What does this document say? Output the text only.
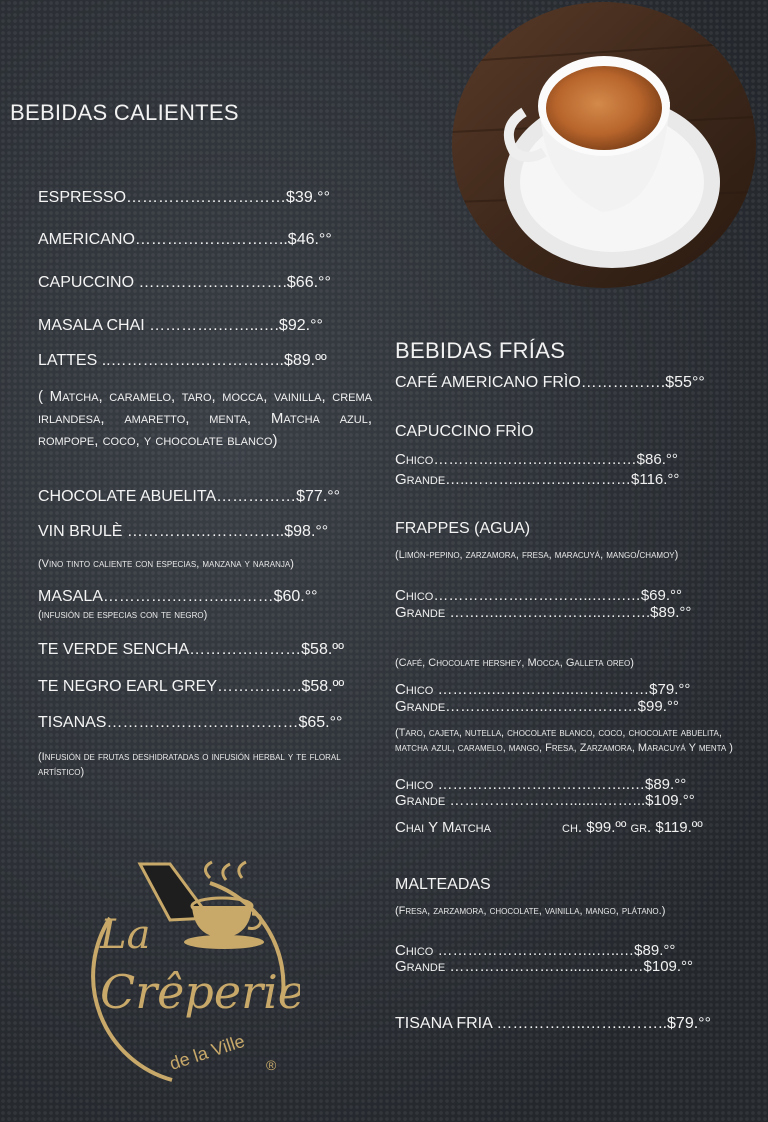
BEBIDAS CALIENTES
ESPRESSO…………………………$39.°°
AMERICANO………………………..$46.°°
CAPUCCINO ……………………….$66.°°
MASALA CHAI ………….……..….$92.°°
LATTES ..…………….……………..$89.ºº
( Matcha, caramelo, taro, mocca, vainilla, crema irlandesa, amaretto, menta, Matcha azul, rompope, coco, y chocolate blanco)
CHOCOLATE ABUELITA……………$77.°°
VIN BRULÈ ………….……………..$98.°°
(Vino tinto caliente con especias, manzana y naranja)
MASALA………….……….....……$60.°°
(infusión de especias con te negro)
TE VERDE SENCHA…………………$58.ºº
TE NEGRO EARL GREY…………….$58.ºº
TISANAS………………………………$65.°°
(Infusión de frutas deshidratadas o infusión herbal y te floral artístico)
BEBIDAS FRÍAS
CAFÉ AMERICANO FRÌO…………….$55°°
CAPUCCINO FRÌO
Chico………….…………….…………$86.°°
Grande…..………...…………………$116.°°
FRAPPES (AGUA)
(Limón-pepino, zarzamora, fresa, maracuyá, mango/chamoy)
Chico…………………………..…….…$69.°°
Grande ………..………………..……….$89.°°
(Café, Chocolate hershey, Mocca, Galleta oreo)
Chico ………..……………..……………$79.°°
Grande…………….…..………………$99.°°
(Taro, cajeta, nutella, chocolate blanco, coco, chocolate abuelita, matcha azul, caramelo, mango, Fresa, Zarzamora, Maracuyá Y menta )
Chico ………….……………………..…$89.°°
Grande ……………………........……...$109.°°
Chai Y Matcha	ch. $99.ºº gr. $119.ºº
MALTEADAS
(Fresa, zarzamora, chocolate, vainilla, mango, plátano.)
Chico …………………………..…..…$89.°°
Grande ……………………......….……$109.°°
TISANA FRIA ……………..……..……..$79.°°
La
Crêperie
de la Ville ®
